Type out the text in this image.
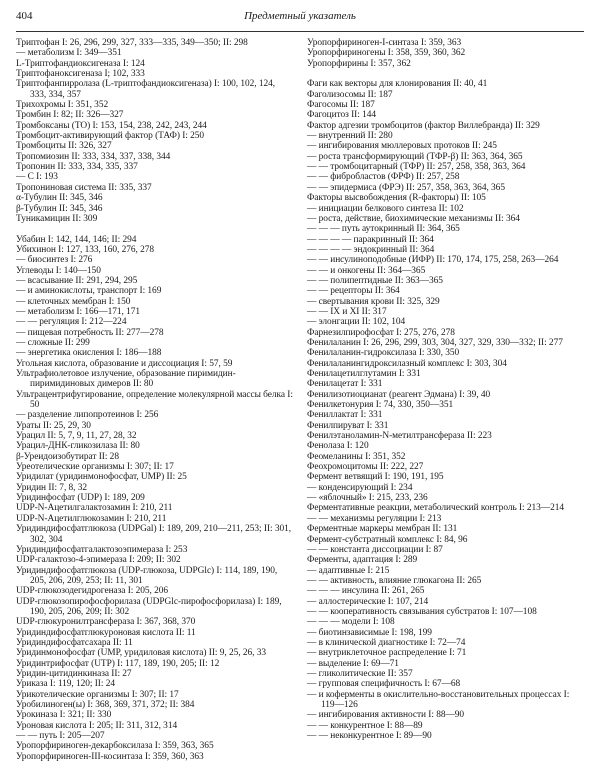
404	Предметный указатель
Триптофан I: 26, 296, 299, 327, 333—335, 349—350; II: 298
— метаболизм I: 349—351
L-Триптофандиоксигеназа I: 124
Триптофаноксигеназа I; 102, 333
Триптофанпирролаза (L-триптофандиоксигеназа) I: 100, 102, 124, 333, 334, 357
Трихохромы I: 351, 352
Тромбин I: 82; II: 326—327
Тромбоксаны (TO) I: 153, 154, 238, 242, 243, 244
Тромбоцит-активирующий фактор (ТАФ) I: 250
Тромбоциты II: 326, 327
Тропомиозин II: 333, 334, 337, 338, 344
Тропонин II: 333, 334, 335, 337
— C I: 193
Тропониновая система II: 335, 337
α-Тубулин II: 345, 346
β-Тубулин II: 345, 346
Туникамицин II: 309
Убабин I: 142, 144, 146; II: 294
Убихинон I: 127, 133, 160, 276, 278
— биосинтез I: 276
Углеводы I: 140—150
— всасывание II: 291, 294, 295
— и аминокислоты, транспорт I: 169
— клеточных мембран I: 150
— метаболизм I: 166—171, 171
— — регуляция I: 212—224
— пищевая потребность II: 277—278
— сложные II: 299
— энергетика окисления I: 186—188
Угольная кислота, образование и диссоциация I: 57, 59
Ультрафиолетовое излучение, образование пиримидин-пиримидиновых димеров II: 80
Ультрацентрифугирование, определение молекулярной массы белка I: 50
— разделение липопротеинов I: 256
Ураты II: 25, 29, 30
Урацил II: 5, 7, 9, 11, 27, 28, 32
Урацил-ДНК-гликозилаза II: 80
β-Уреидоизобутират II: 28
Уреотелические организмы I: 307; II: 17
Уридилат (уридинмонофосфат, UMP) II: 25
Уридин II: 7, 8, 32
Уридинфосфат (UDP) I: 189, 209
UDP-N-Ацетилгалактозамин I: 210, 211
UDP-N-Ацетилглюкозамин I: 210, 211
Уридиндифосфатглюкоза (UDPGal) I: 189, 209, 210—211, 253; II: 301, 302, 304
Уридиндифосфатгалактозоэпимераза I: 253
UDP-галактозо-4-эпимераза I: 209; II: 302
Уридиндифосфатглюкоза (UDP-глюкоза, UDPGlc) I: 114, 189, 190, 205, 206, 209, 253; II: 11, 301
UDP-глюкозодегидрогеназа I: 205, 206
UDP-глюкозопирофосфорилаза (UDPGlc-пирофосфорилаза) I: 189, 190, 205, 206, 209; II: 302
UDP-глюкуронилтрансфераза I: 367, 368, 370
Уридиндифосфатглюкуроновая кислота II: 11
Уридиндифосфатсахара II: 11
Уридинмонофосфат (UMP, уридиловая кислота) II: 9, 25, 26, 33
Уридинтрифосфат (UTP) I: 117, 189, 190, 205; II: 12
Уридин-цитидинкиназа II: 27
Уриказа I: 119, 120; II: 24
Урикотелические организмы I: 307; II: 17
Уробилиноген(ы) I: 368, 369, 371, 372; II: 384
Урокиназа I: 321; II: 330
Уроновая кислота I: 205; II: 311, 312, 314
— — путь I: 205—207
Уропорфириноген-декарбоксилаза I: 359, 363, 365
Уропорфириноген-III-косинтаза I: 359, 360, 363
Уропорфириноген-I-синтаза I: 359, 363
Уропорфириногены I: 358, 359, 360, 362
Уропорфирины I: 357, 362
Фаги как векторы для клонирования II: 40, 41
Фаголизосомы II: 187
Фагосомы II: 187
Фагоцитоз II: 144
Фактор адгезии тромбоцитов (фактор Виллебранда) II: 329
— внутренний II: 280
— ингибирования мюллеровых протоков II: 245
— роста трансформирующий (ТФР-β) II: 363, 364, 365
— — тромбоцитарный (ТФР) II: 257, 258, 358, 363, 364
— — фибробластов (ФРФ) II: 257, 258
— — эпидермиса (ФРЭ) II: 257, 358, 363, 364, 365
Факторы высвобождения (R-факторы) II: 105
— инициации белкового синтеза II: 102
— роста, действие, биохимические механизмы II: 364
— — — путь аутокринный II: 364, 365
— — — — паракринный II: 364
— — — — эндокринный II: 364
— — инсулиноподобные (ИФР) II: 170, 174, 175, 258, 263—264
— — и онкогены II: 364—365
— — полипептидные II: 363—365
— — рецепторы II: 364
— свертывания крови II: 325, 329
— — IX и XI II: 317
— элонгации II: 102, 104
Фарнезилпирофосфат I: 275, 276, 278
Фенилаланин I: 26, 296, 299, 303, 304, 327, 329, 330—332; II: 277
Фенилаланин-гидроксилаза I: 330, 350
Фенилаланингидроксилазный комплекс I: 303, 304
Фенилацетилглутамин I: 331
Фенилацетат I: 331
Фенилизотиоцианат (реагент Эдмана) I: 39, 40
Фенилкетонурия I: 74, 330, 350—351
Фениллактат I: 331
Фенилпируват I: 331
Фенилэтаноламин-N-метилтрансфераза II: 223
Фенолаза I: 120
Феомеланины I: 351, 352
Феохромоцитомы II: 222, 227
Фермент ветвящий I: 190, 191, 195
— конденсирующий I: 234
— «яблочный» I: 215, 233, 236
Ферментативные реакции, метаболический контроль I: 213—214
— — механизмы регуляции I: 213
Ферментные маркеры мембран II: 131
Фермент-субстратный комплекс I: 84, 96
— — константа диссоциации I: 87
Ферменты, адаптация I: 289
— адаптивные I: 215
— — активность, влияние глюкагона II: 265
— — — инсулина II: 261, 265
— аллостерические I: 107, 214
— — кооперативность связывания субстратов I: 107—108
— — — модели I: 108
— биотинзависимые I: 198, 199
— в клинической диагностике I: 72—74
— внутриклеточное распределение I: 71
— выделение I: 69—71
— гликолитические II: 357
— групповая специфичность I: 67—68
— и коферменты в окислительно-восстановительных процессах I: 119—126
— ингибирования активности I: 88—90
— — конкурентное I: 88—89
— — неконкурентное I: 89—90
